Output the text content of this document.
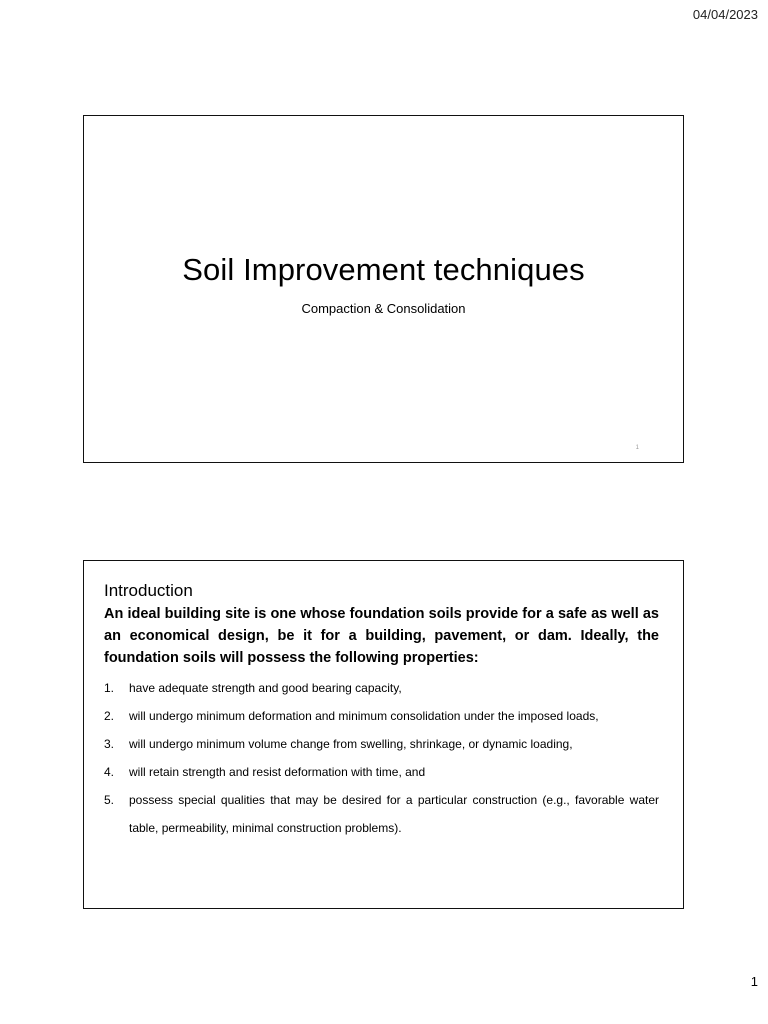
04/04/2023
Soil Improvement techniques
Compaction & Consolidation
1
Introduction
An ideal building site is one whose foundation soils provide for a safe as well as an economical design, be it for a building, pavement, or dam. Ideally, the foundation soils will possess the following properties:
1.	have adequate strength and good bearing capacity,
2.	will undergo minimum deformation and minimum consolidation under the imposed loads,
3.	will undergo minimum volume change from swelling, shrinkage, or dynamic loading,
4.	will retain strength and resist deformation with time, and
5.	possess special qualities that may be desired for a particular construction (e.g., favorable water table, permeability, minimal construction problems).
1
